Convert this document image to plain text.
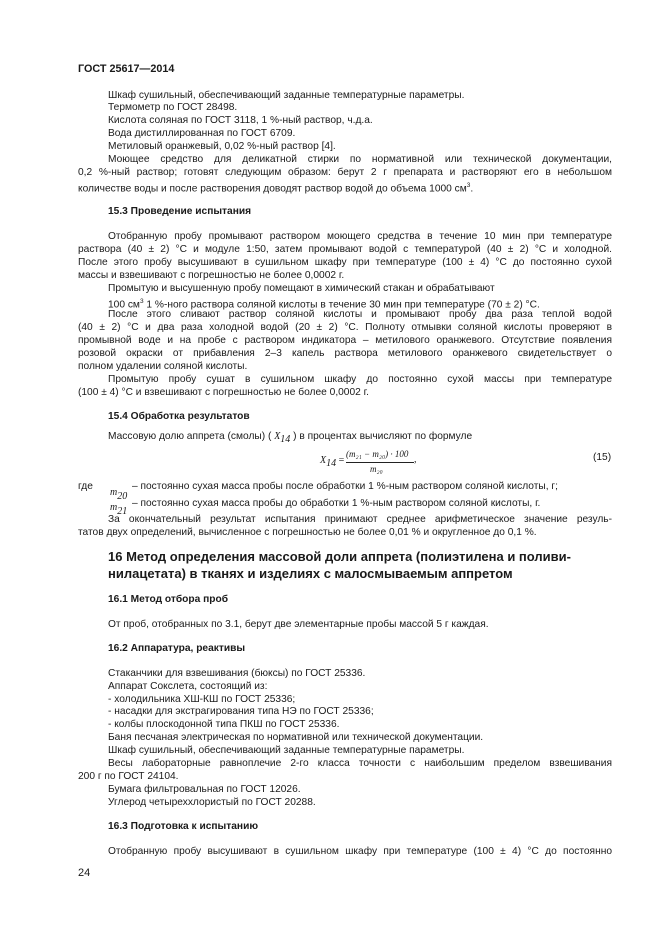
ГОСТ 25617—2014
Шкаф сушильный, обеспечивающий заданные температурные параметры.
Термометр по ГОСТ 28498.
Кислота соляная по ГОСТ 3118, 1 %-ный раствор, ч.д.а.
Вода дистиллированная по ГОСТ 6709.
Метиловый оранжевый, 0,02 %-ный раствор [4].
Моющее средство для деликатной стирки по нормативной или технической документации,
0,2 %-ный раствор; готовят следующим образом: берут 2 г препарата и растворяют его в небольшом
количестве воды и после растворения доводят раствор водой до объема 1000 $см^3$.
15.3 Проведение испытания
Отобранную пробу промывают раствором моющего средства в течение 10 мин при температуре
раствора (40 ± 2) °С и модуле 1:50, затем промывают водой с температурой (40 ± 2) °С и холодной.
После этого пробу высушивают в сушильном шкафу при температуре (100 ± 4) °С до постоянно сухой
массы и взвешивают с погрешностью не более 0,0002 г.
Промытую и высушенную пробу помещают в химический стакан и обрабатывают
100 $см^3$ 1 %-ного раствора соляной кислоты в течение 30 мин при температуре (70 ± 2) °С.
После этого сливают раствор соляной кислоты и промывают пробу два раза теплой водой
(40 ± 2) °С и два раза холодной водой (20 ± 2) °С. Полноту отмывки соляной кислоты проверяют в
промывной воде и на пробе с раствором индикатора – метилового оранжевого. Отсутствие появления
розовой окраски от прибавления 2–3 капель раствора метилового оранжевого свидетельствует о
полном удалении соляной кислоты.
Промытую пробу сушат в сушильном шкафу до постоянно сухой массы при температуре
(100 ± 4) °С и взвешивают с погрешностью не более 0,0002 г.
15.4 Обработка результатов
Массовую долю аппрета (смолы) ( $X_{14}$ ) в процентах вычисляют по формуле
$X_{14}$ =
(m₂₁ − m₂₀) · 100
m₂₀
,	(15)
где
$m_{20}$
– постоянно сухая масса пробы после обработки 1 %-ным раствором соляной кислоты, г;
$m_{21}$
– постоянно сухая масса пробы до обработки 1 %-ным раствором соляной кислоты, г.
За окончательный результат испытания принимают среднее арифметическое значение резуль-
татов двух определений, вычисленное с погрешностью не более 0,01 % и округленное до 0,1 %.
16 Метод определения массовой доли аппрета (полиэтилена и поливи-
нилацетата) в тканях и изделиях с малосмываемым аппретом
16.1 Метод отбора проб
От проб, отобранных по 3.1, берут две элементарные пробы массой 5 г каждая.
16.2 Аппаратура, реактивы
Стаканчики для взвешивания (бюксы) по ГОСТ 25336.
Аппарат Сокслета, состоящий из:
- холодильника ХШ-КШ по ГОСТ 25336;
- насадки для экстрагирования типа НЭ по ГОСТ 25336;
- колбы плоскодонной типа ПКШ по ГОСТ 25336.
Баня песчаная электрическая по нормативной или технической документации.
Шкаф сушильный, обеспечивающий заданные температурные параметры.
Весы лабораторные равноплечие 2-го класса точности с наибольшим пределом взвешивания
200 г по ГОСТ 24104.
Бумага фильтровальная по ГОСТ 12026.
Углерод четыреххлористый по ГОСТ 20288.
16.3 Подготовка к испытанию
Отобранную пробу высушивают в сушильном шкафу при температуре (100 ± 4) °С до постоянно
24
